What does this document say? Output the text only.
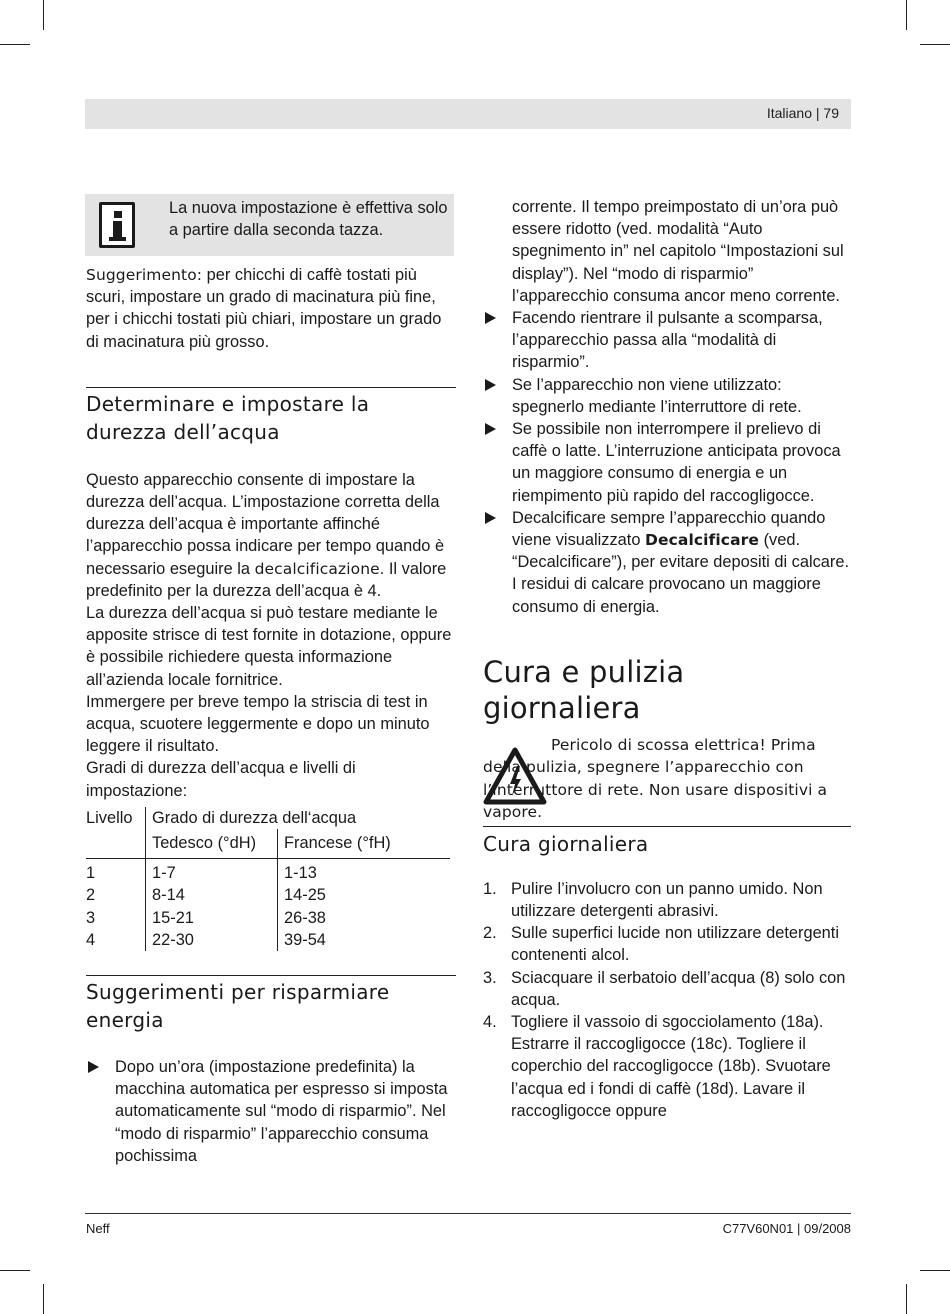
Italiano | 79
La nuova impostazione è effettiva solo a partire dalla seconda tazza.

Suggerimento: per chicchi di caffè tostati più scuri, impostare un grado di macinatura più fine, per i chicchi tostati più chiari, impostare un grado di macinatura più grosso.

Determinare e impostare la durezza dell’acqua

Questo apparecchio consente di impostare la durezza dell’acqua. L’impostazione corretta della durezza dell’acqua è importante affinché l’apparecchio possa indicare per tempo quando è necessario eseguire la decalcificazione. Il valore predefinito per la durezza dell’acqua è 4.

La durezza dell’acqua si può testare mediante le apposite strisce di test fornite in dotazione, oppure è possibile richiedere questa informazione all’azienda locale fornitrice.

Immergere per breve tempo la striscia di test in acqua, scuotere leggermente e dopo un minuto leggere il risultato.

Gradi di durezza dell’acqua e livelli di impostazione:

Livello	Grado di durezza dell‘acqua	
	Tedesco (°dH)	Francese (°fH)
1	1-7	1-13
2	8-14	14-25
3	15-21	26-38
4	22-30	39-54
Suggerimenti per risparmiare energia
Dopo un’ora (impostazione predefinita) la macchina automatica per espresso si imposta automaticamente sul “modo di risparmio”. Nel “modo di risparmio” l’apparecchio consuma pochissima

corrente. Il tempo preimpostato di un’ora può essere ridotto (ved. modalità “Auto spegnimento in” nel capitolo “Impostazioni sul display”). Nel “modo di risparmio” l’apparecchio consuma ancor meno corrente.

Facendo rientrare il pulsante a scomparsa, l’apparecchio passa alla “modalità di risparmio”.
Se l’apparecchio non viene utilizzato: spegnerlo mediante l’interruttore di rete.
Se possibile non interrompere il prelievo di caffè o latte. L’interruzione anticipata provoca un maggiore consumo di energia e un riempimento più rapido del raccogligocce.
Decalcificare sempre l’apparecchio quando viene visualizzato Decalcificare (ved. “Decalcificare”), per evitare depositi di calcare. I residui di calcare provocano un maggiore consumo di energia.
Cura e pulizia giornaliera

Pericolo di scossa elettrica! Prima della pulizia, spegnere l’apparecchio con l’interruttore di rete. Non usare dispositivi a vapore.

Cura giornaliera
1. Pulire l’involucro con un panno umido. Non utilizzare detergenti abrasivi.
2. Sulle superfici lucide non utilizzare detergenti contenenti alcol.
3. Sciacquare il serbatoio dell’acqua (8) solo con acqua.
4. Togliere il vassoio di sgocciolamento (18a). Estrarre il raccogligocce (18c). Togliere il coperchio del raccogligocce (18b). Svuotare l’acqua ed i fondi di caffè (18d). Lavare il raccogligocce oppure
Neff	C77V60N01 | 09/2008
